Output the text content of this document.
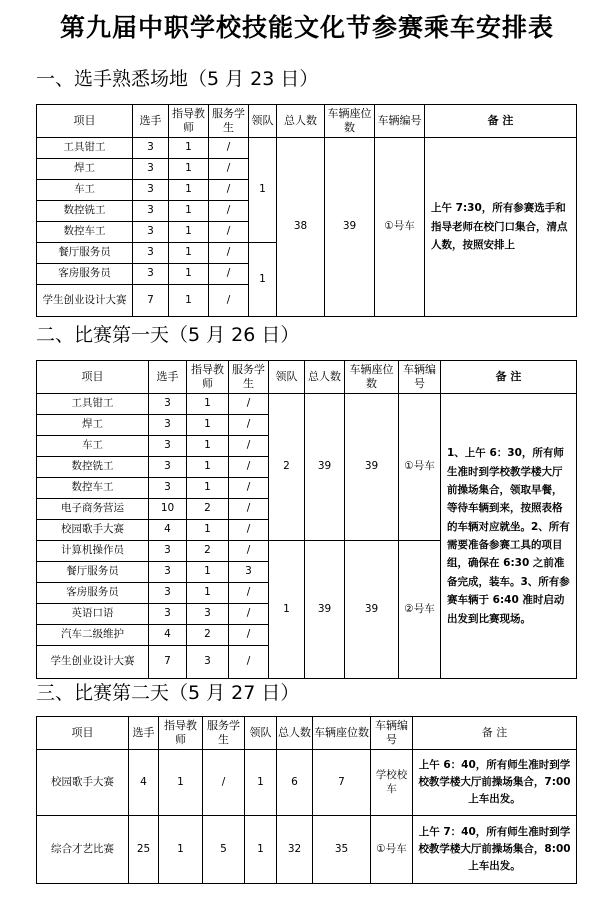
第九届中职学校技能文化节参赛乘车安排表
一、选手熟悉场地（5 月 23 日）
项目	选手	指导教师	服务学生	领队	总人数	车辆座位数	车辆编号	备 注
工具钳工	3	1	/	1	38	39	①号车	上午 7:30，所有参赛选手和指导老师在校门口集合，清点人数，按照安排上
焊工	3	1	/					
车工	3	1	/					
数控铣工	3	1	/					
数控车工	3	1	/					
餐厅服务员	3	1	/	1				
客房服务员	3	1	/					
学生创业设计大赛	7	1	/					
二、比赛第一天（5 月 26 日）
项目	选手	指导教师	服务学生	领队	总人数	车辆座位数	车辆编号	备 注
工具钳工	3	1	/	2	39	39	①号车	1、上午 6：30，所有师生准时到学校教学楼大厅前操场集合，领取早餐，等待车辆到来，按照表格的车辆对应就坐。2、所有需要准备参赛工具的项目组，确保在 6:30 之前准备完成，装车。3、所有参赛车辆于 6:40 准时启动出发到比赛现场。
焊工	3	1	/					
车工	3	1	/					
数控铣工	3	1	/					
数控车工	3	1	/					
电子商务营运	10	2	/					
校园歌手大赛	4	1	/					
计算机操作员	3	2	/	1	39	39	②号车	
餐厅服务员	3	1	3					
客房服务员	3	1	/					
英语口语	3	3	/					
汽车二级维护	4	2	/					
学生创业设计大赛	7	3	/					
三、比赛第二天（5 月 27 日）
项目	选手	指导教师	服务学生	领队	总人数	车辆座位数	车辆编号	备 注
校园歌手大赛	4	1	/	1	6	7	学校校车	上午 6：40，所有师生准时到学校教学楼大厅前操场集合，7:00 上车出发。
综合才艺比赛	25	1	5	1	32	35	①号车	上午 7：40，所有师生准时到学校教学楼大厅前操场集合，8:00 上车出发。
